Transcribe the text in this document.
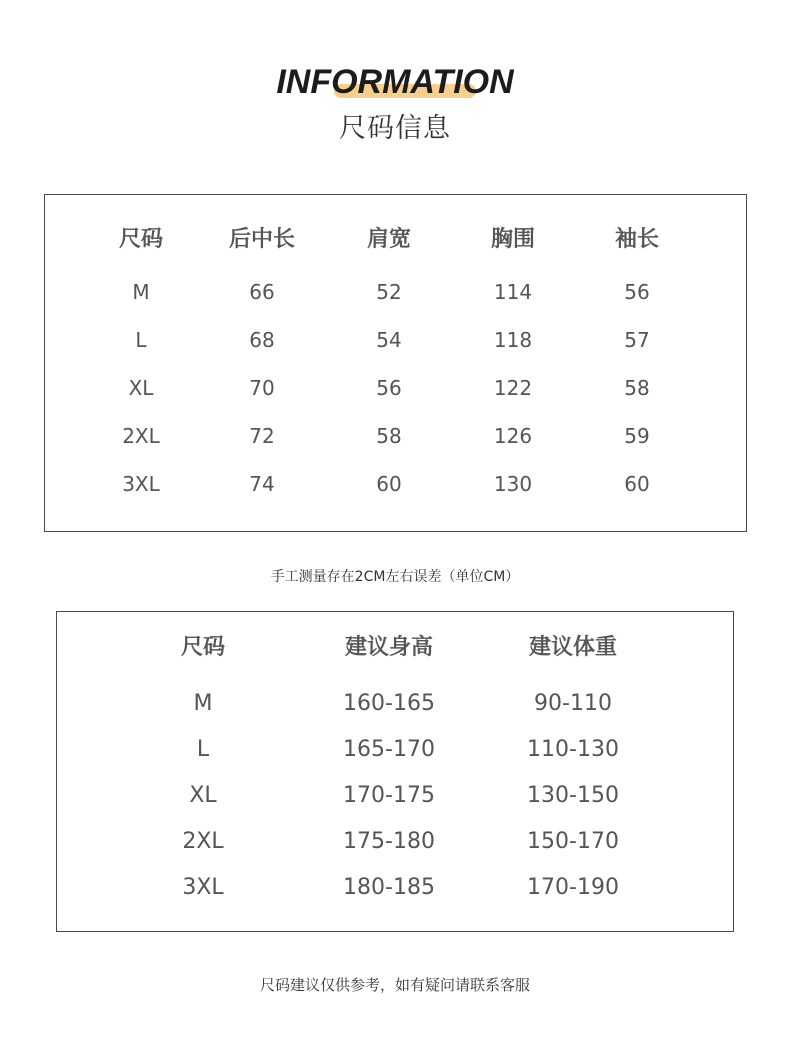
INFORMATION
尺码信息
尺码	后中长	肩宽	胸围	袖长
M	66	52	114	56
L	68	54	118	57
XL	70	56	122	58
2XL	72	58	126	59
3XL	74	60	130	60
手工测量存在2CM左右误差（单位CM）
尺码	建议身高	建议体重
M	160-165	90-110
L	165-170	110-130
XL	170-175	130-150
2XL	175-180	150-170
3XL	180-185	170-190
尺码建议仅供参考，如有疑问请联系客服
